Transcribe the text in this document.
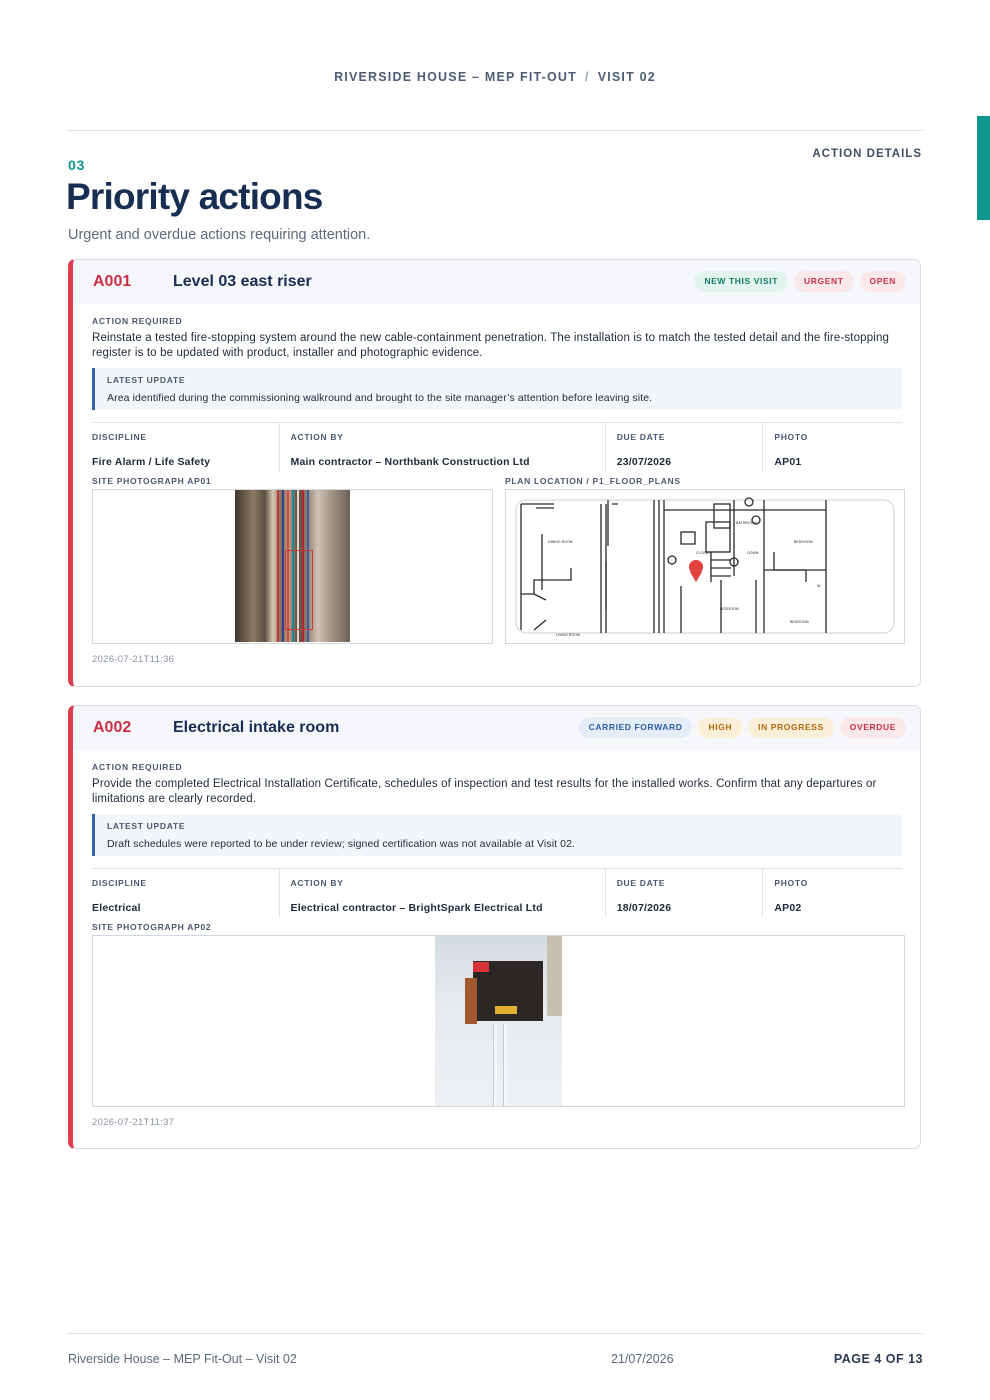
RIVERSIDE HOUSE – MEP FIT-OUT / VISIT 02
03
ACTION DETAILS
Priority actions
Urgent and overdue actions requiring attention.
A001	Level 03 east riser	NEW THIS VISIT	URGENT	OPEN
ACTION REQUIRED
Reinstate a tested fire-stopping system around the new cable-containment penetration. The installation is to match the tested detail and the fire-stopping register is to be updated with product, installer and photographic evidence.
LATEST UPDATE
Area identified during the commissioning walkround and brought to the site manager’s attention before leaving site.
DISCIPLINE
Fire Alarm / Life Safety
ACTION BY
Main contractor – Northbank Construction Ltd
DUE DATE
23/07/2026
PHOTO
AP01
SITE PHOTOGRAPH AP01	PLAN LOCATION / P1_FLOOR_PLANS
DINING ROOM
LIVING ROOM
BATHROOM
BEDROOM
BEDROOM
BEDROOM
DOWN
CLOSET
W
2026-07-21T11:36
A002	Electrical intake room	CARRIED FORWARD	HIGH	IN PROGRESS	OVERDUE
ACTION REQUIRED
Provide the completed Electrical Installation Certificate, schedules of inspection and test results for the installed works. Confirm that any departures or limitations are clearly recorded.
LATEST UPDATE
Draft schedules were reported to be under review; signed certification was not available at Visit 02.
DISCIPLINE
Electrical
ACTION BY
Electrical contractor – BrightSpark Electrical Ltd
DUE DATE
18/07/2026
PHOTO
AP02
SITE PHOTOGRAPH AP02
2026-07-21T11:37
Riverside House – MEP Fit-Out – Visit 02	21/07/2026	PAGE 4 OF 13
